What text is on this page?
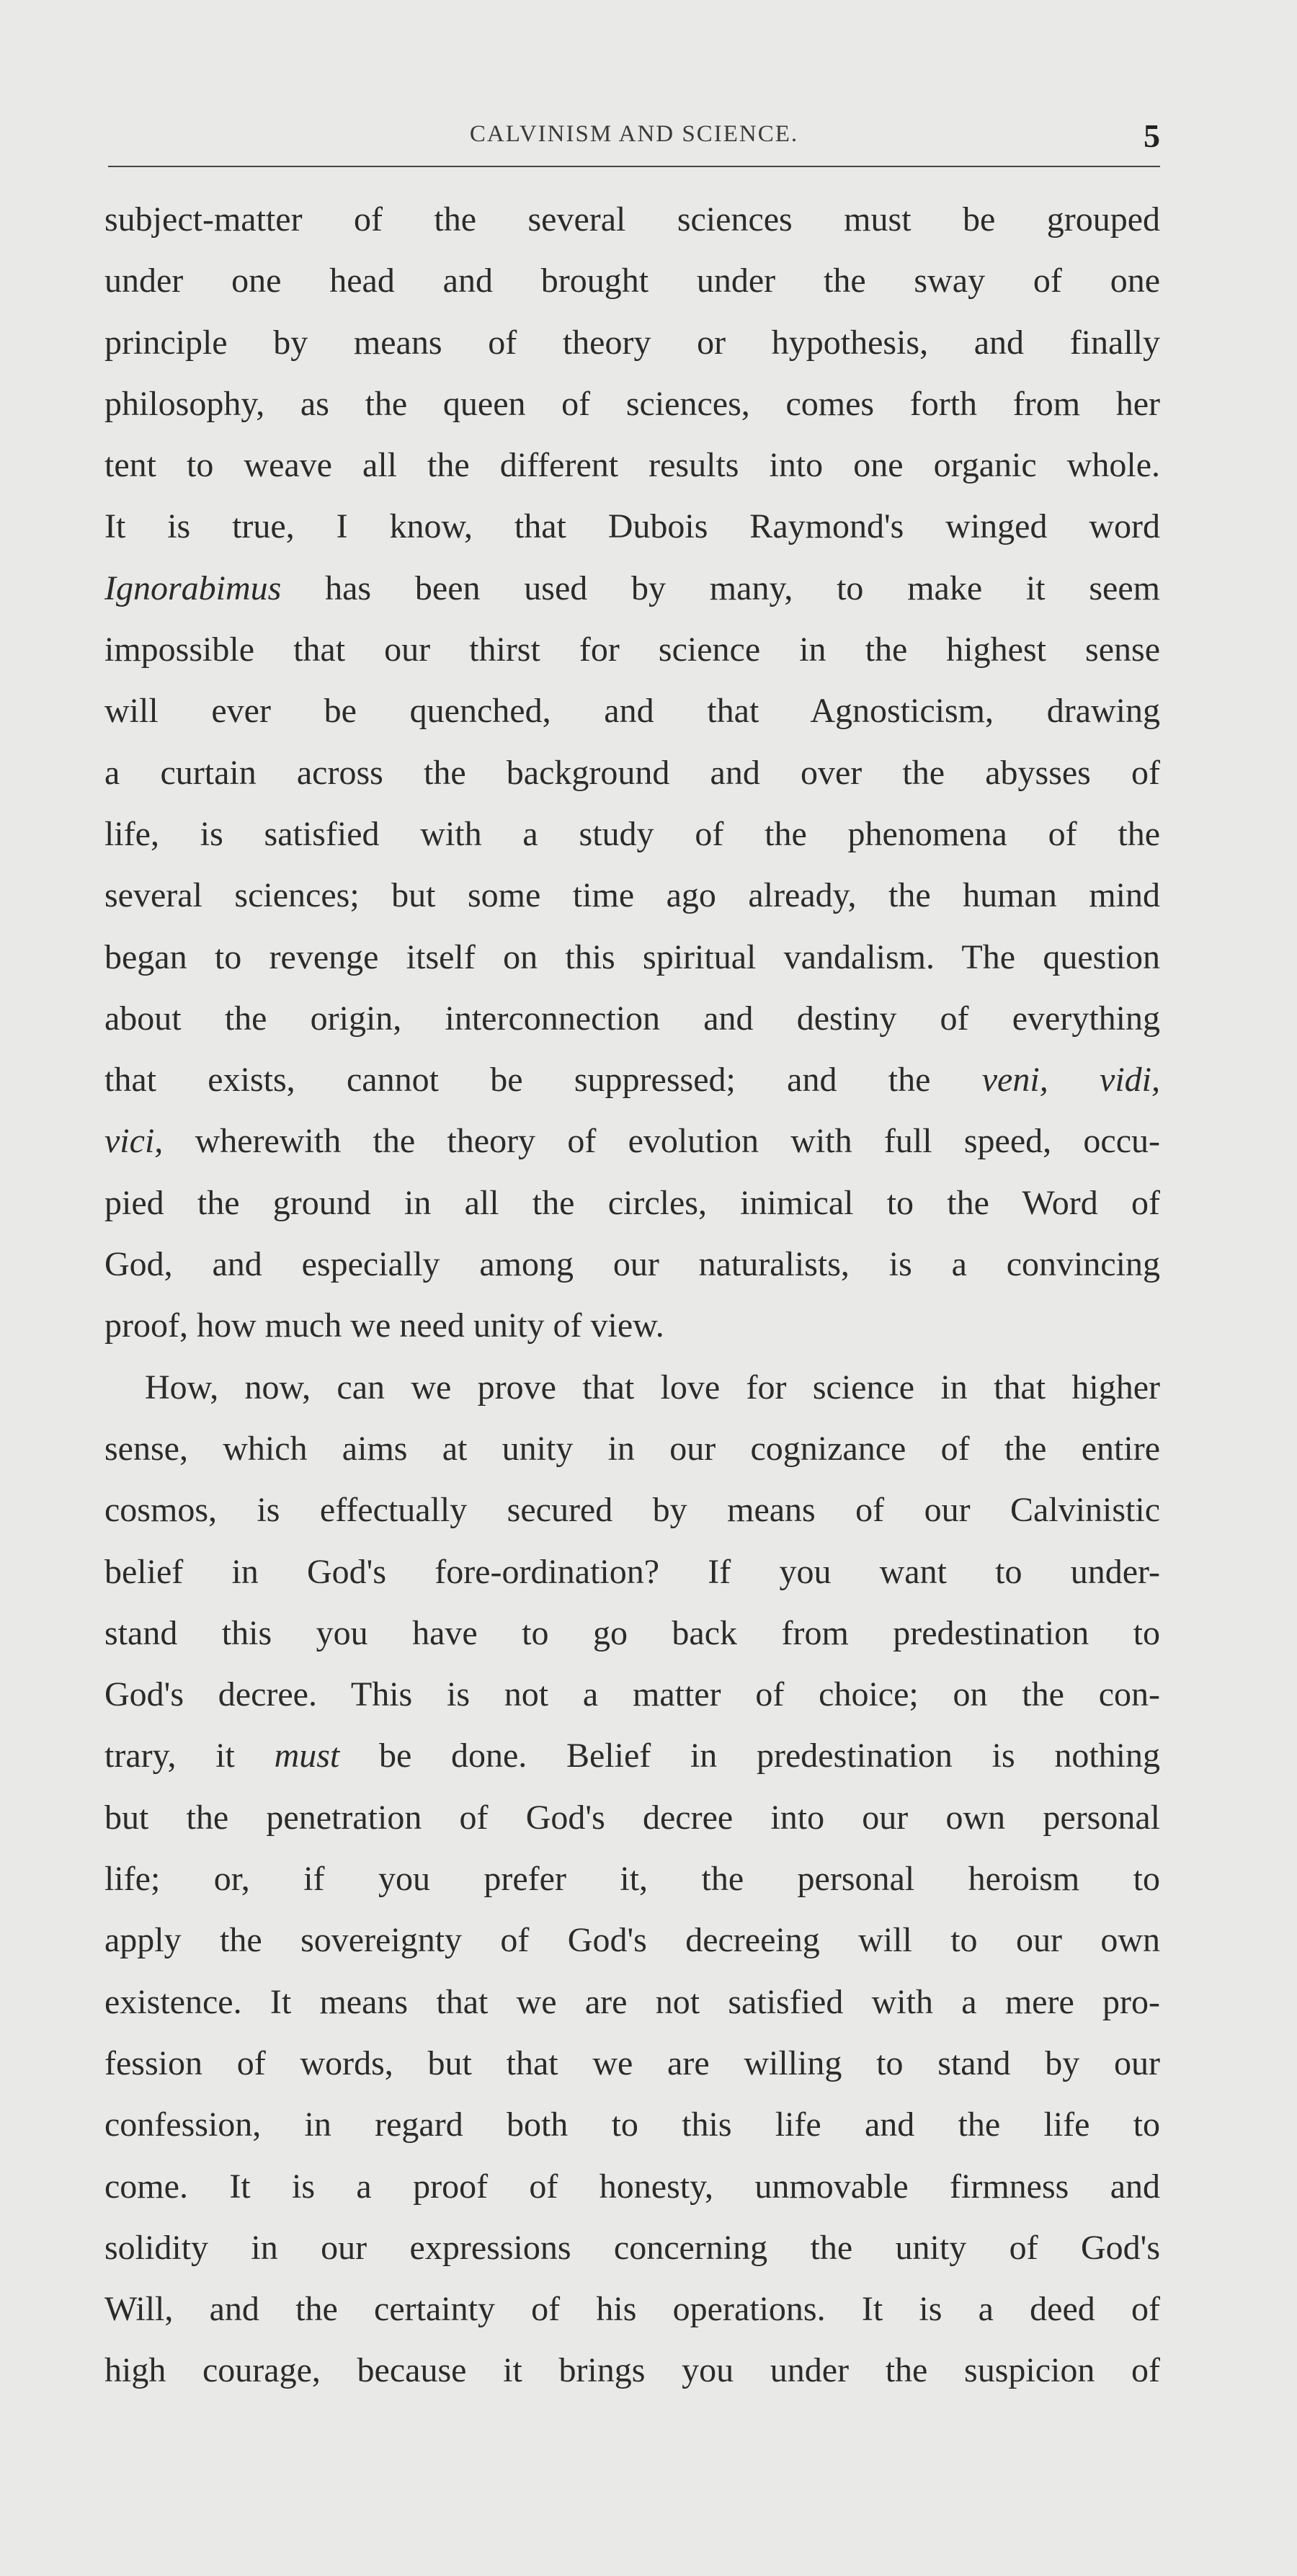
CALVINISM AND SCIENCE.	5
subject-matter of the several sciences must be grouped
under one head and brought under the sway of one
principle by means of theory or hypothesis, and finally
philosophy, as the queen of sciences, comes forth from her
tent to weave all the different results into one organic whole.
It is true, I know, that Dubois Raymond's winged word
Ignorabimus has been used by many, to make it seem
impossible that our thirst for science in the highest sense
will ever be quenched, and that Agnosticism, drawing
a curtain across the background and over the abysses of
life, is satisfied with a study of the phenomena of the
several sciences; but some time ago already, the human mind
began to revenge itself on this spiritual vandalism. The question
about the origin, interconnection and destiny of everything
that exists, cannot be suppressed; and the veni, vidi,
vici, wherewith the theory of evolution with full speed, occu-
pied the ground in all the circles, inimical to the Word of
God, and especially among our naturalists, is a convincing
proof, how much we need unity of view.
How, now, can we prove that love for science in that higher
sense, which aims at unity in our cognizance of the entire
cosmos, is effectually secured by means of our Calvinistic
belief in God's fore-ordination? If you want to under-
stand this you have to go back from predestination to
God's decree. This is not a matter of choice; on the con-
trary, it must be done. Belief in predestination is nothing
but the penetration of God's decree into our own personal
life; or, if you prefer it, the personal heroism to
apply the sovereignty of God's decreeing will to our own
existence. It means that we are not satisfied with a mere pro-
fession of words, but that we are willing to stand by our
confession, in regard both to this life and the life to
come. It is a proof of honesty, unmovable firmness and
solidity in our expressions concerning the unity of God's
Will, and the certainty of his operations. It is a deed of
high courage, because it brings you under the suspicion of
